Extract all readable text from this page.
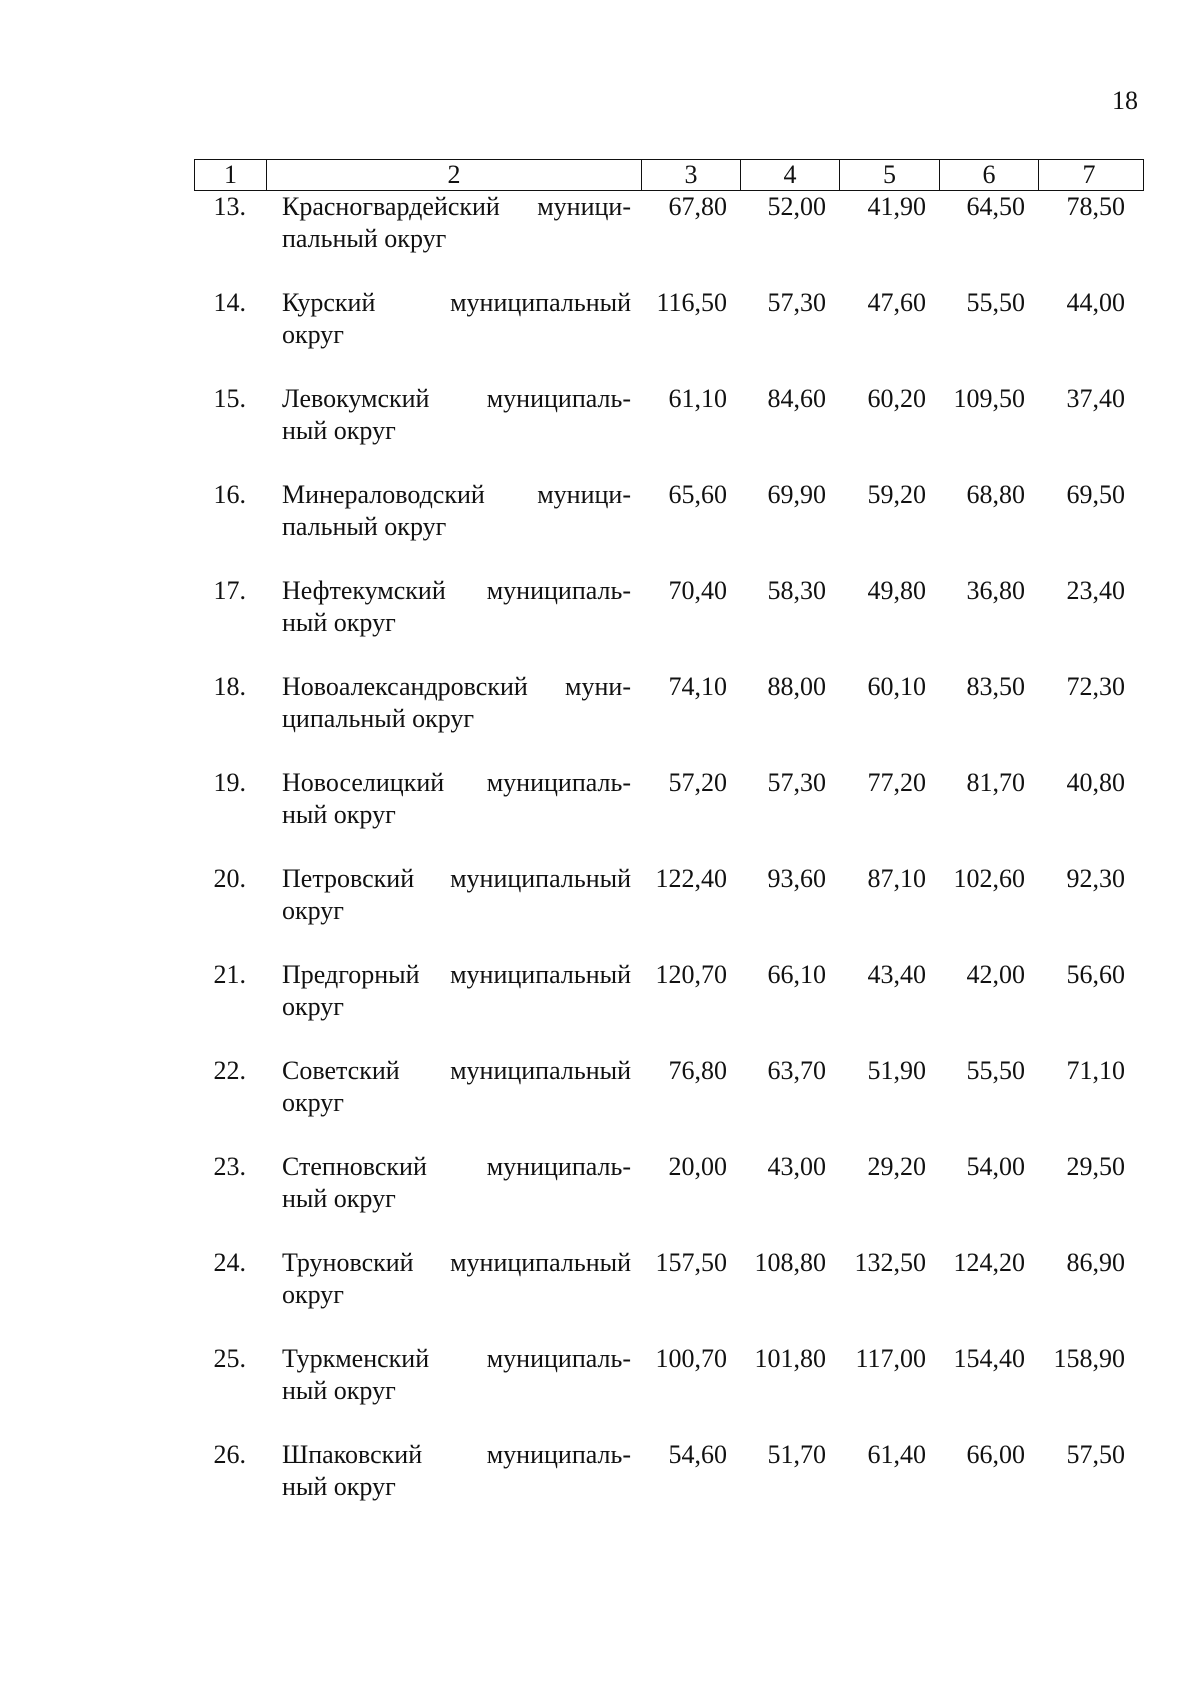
18
1	2	3	4	5	6	7
13.	Красногвардейский муници-
пальный округ
67,80	52,00	41,90	64,50	78,50
14.	Курский муниципальный
округ
116,50	57,30	47,60	55,50	44,00
15.	Левокумский муниципаль-
ный округ
61,10	84,60	60,20	109,50	37,40
16.	Минераловодский муници-
пальный округ
65,60	69,90	59,20	68,80	69,50
17.	Нефтекумский муниципаль-
ный округ
70,40	58,30	49,80	36,80	23,40
18.	Новоалександровский муни-
ципальный округ
74,10	88,00	60,10	83,50	72,30
19.	Новоселицкий муниципаль-
ный округ
57,20	57,30	77,20	81,70	40,80
20.	Петровский муниципальный
округ
122,40	93,60	87,10	102,60	92,30
21.	Предгорный муниципальный
округ
120,70	66,10	43,40	42,00	56,60
22.	Советский муниципальный
округ
76,80	63,70	51,90	55,50	71,10
23.	Степновский муниципаль-
ный округ
20,00	43,00	29,20	54,00	29,50
24.	Труновский муниципальный
округ
157,50	108,80	132,50	124,20	86,90
25.	Туркменский муниципаль-
ный округ
100,70	101,80	117,00	154,40	158,90
26.	Шпаковский муниципаль-
ный округ
54,60	51,70	61,40	66,00	57,50
